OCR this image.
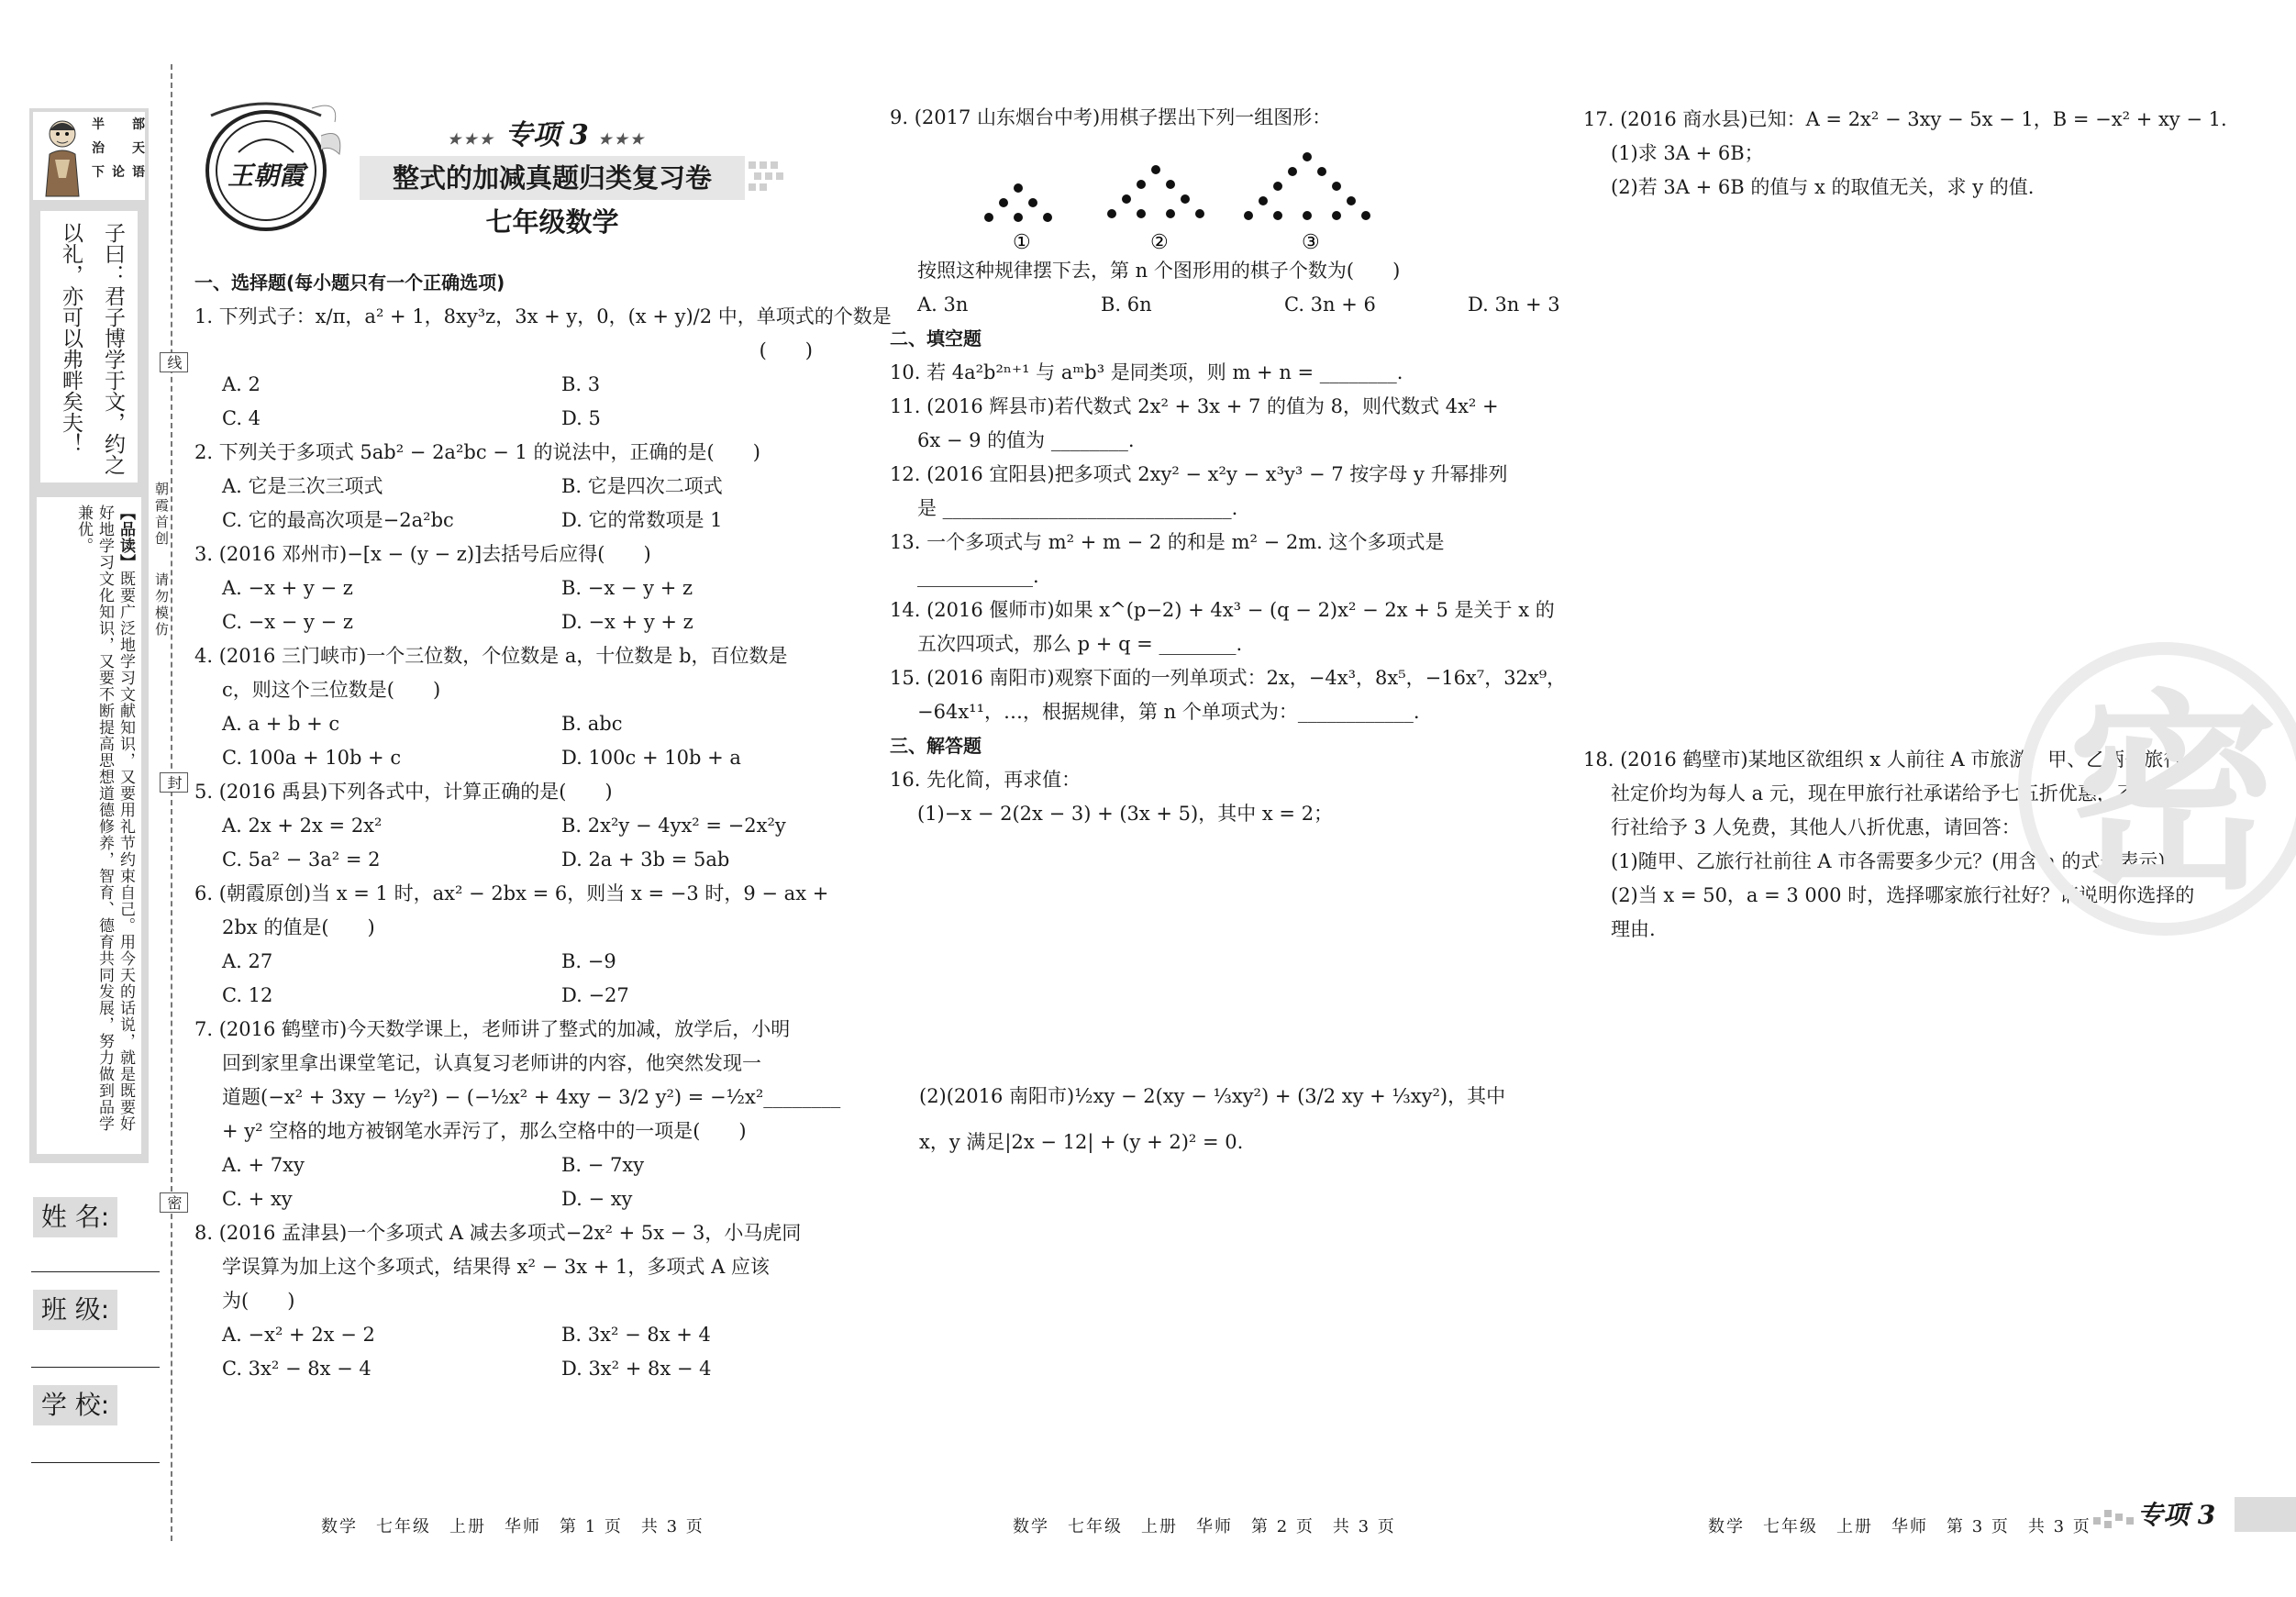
半 部
治 天
下 论 语
子曰：君子博学于文，约之
以礼，亦可以弗畔矣夫！
【品读】既要广泛地学习文献知识，又要用礼节约束自己。用今天的话说，就是既要好好地学习文化知识，又要不断提高思想道德修养，智育、德育共同发展，努力做到品学兼优。
姓 名:
班 级:
学 校:
线
封
密
朝霞首创
请勿模仿
王朝霞
★★★ 专项 3 ★★★
整式的加减真题归类复习卷
七年级数学
一、选择题(每小题只有一个正确选项)
1. 下列式子：x/π，a² + 1，8xy³z，3x + y，0，(x + y)/2 中，单项式的个数是
(　　)
A. 2	B. 3
C. 4	D. 5
2. 下列关于多项式 5ab² − 2a²bc − 1 的说法中，正确的是(　　)
A. 它是三次三项式	B. 它是四次二项式
C. 它的最高次项是−2a²bc	D. 它的常数项是 1
3. (2016 邓州市)−[x − (y − z)]去括号后应得(　　)
A. −x + y − z	B. −x − y + z
C. −x − y − z	D. −x + y + z
4. (2016 三门峡市)一个三位数，个位数是 a，十位数是 b，百位数是
c，则这个三位数是(　　)
A. a + b + c	B. abc
C. 100a + 10b + c	D. 100c + 10b + a
5. (2016 禹县)下列各式中，计算正确的是(　　)
A. 2x + 2x = 2x²	B. 2x²y − 4yx² = −2x²y
C. 5a² − 3a² = 2	D. 2a + 3b = 5ab
6. (朝霞原创)当 x = 1 时，ax² − 2bx = 6，则当 x = −3 时，9 − ax +
2bx 的值是(　　)
A. 27	B. −9
C. 12	D. −27
7. (2016 鹤壁市)今天数学课上，老师讲了整式的加减，放学后，小明
回到家里拿出课堂笔记，认真复习老师讲的内容，他突然发现一
道题(−x² + 3xy − ½y²) − (−½x² + 4xy − 3/2 y²) = −½x²________
+ y² 空格的地方被钢笔水弄污了，那么空格中的一项是(　　)
A. + 7xy	B. − 7xy
C. + xy	D. − xy
8. (2016 孟津县)一个多项式 A 减去多项式−2x² + 5x − 3，小马虎同
学误算为加上这个多项式，结果得 x² − 3x + 1，多项式 A 应该
为(　　)
A. −x² + 2x − 2	B. 3x² − 8x + 4
C. 3x² − 8x − 4	D. 3x² + 8x − 4
9. (2017 山东烟台中考)用棋子摆出下列一组图形：
①	②	③
按照这种规律摆下去，第 n 个图形用的棋子个数为(　　)
A. 3n	B. 6n	C. 3n + 6	D. 3n + 3
二、填空题
10. 若 4a²b²ⁿ⁺¹ 与 aᵐb³ 是同类项，则 m + n = ________.
11. (2016 辉县市)若代数式 2x² + 3x + 7 的值为 8，则代数式 4x² +
6x − 9 的值为 ________.
12. (2016 宜阳县)把多项式 2xy² − x²y − x³y³ − 7 按字母 y 升幂排列
是 ______________________________.
13. 一个多项式与 m² + m − 2 的和是 m² − 2m. 这个多项式是
____________.
14. (2016 偃师市)如果 x^(p−2) + 4x³ − (q − 2)x² − 2x + 5 是关于 x 的
五次四项式，那么 p + q = ________.
15. (2016 南阳市)观察下面的一列单项式：2x，−4x³，8x⁵，−16x⁷，32x⁹，
−64x¹¹，…，根据规律，第 n 个单项式为：____________.
三、解答题
16. 先化简，再求值：
(1)−x − 2(2x − 3) + (3x + 5)，其中 x = 2；
(2)(2016 南阳市)½xy − 2(xy − ⅓xy²) + (3/2 xy + ⅓xy²)，其中
x，y 满足|2x − 12| + (y + 2)² = 0.
17. (2016 商水县)已知：A = 2x² − 3xy − 5x − 1，B = −x² + xy − 1.
(1)求 3A + 6B；
(2)若 3A + 6B 的值与 x 的取值无关，求 y 的值.
18. (2016 鹤壁市)某地区欲组织 x 人前往 A 市旅游，甲、乙两个旅行
社定价均为每人 a 元，现在甲旅行社承诺给予七五折优惠，乙旅
行社给予 3 人免费，其他人八折优惠，请回答：
(1)随甲、乙旅行社前往 A 市各需要多少元？(用含 a 的式子表示)
(2)当 x = 50，a = 3 000 时，选择哪家旅行社好？请说明你选择的
理由.
密
数学　七年级　上册　华师　第 1 页　共 3 页	数学　七年级　上册　华师　第 2 页　共 3 页	数学　七年级　上册　华师　第 3 页　共 3 页 专项 3
